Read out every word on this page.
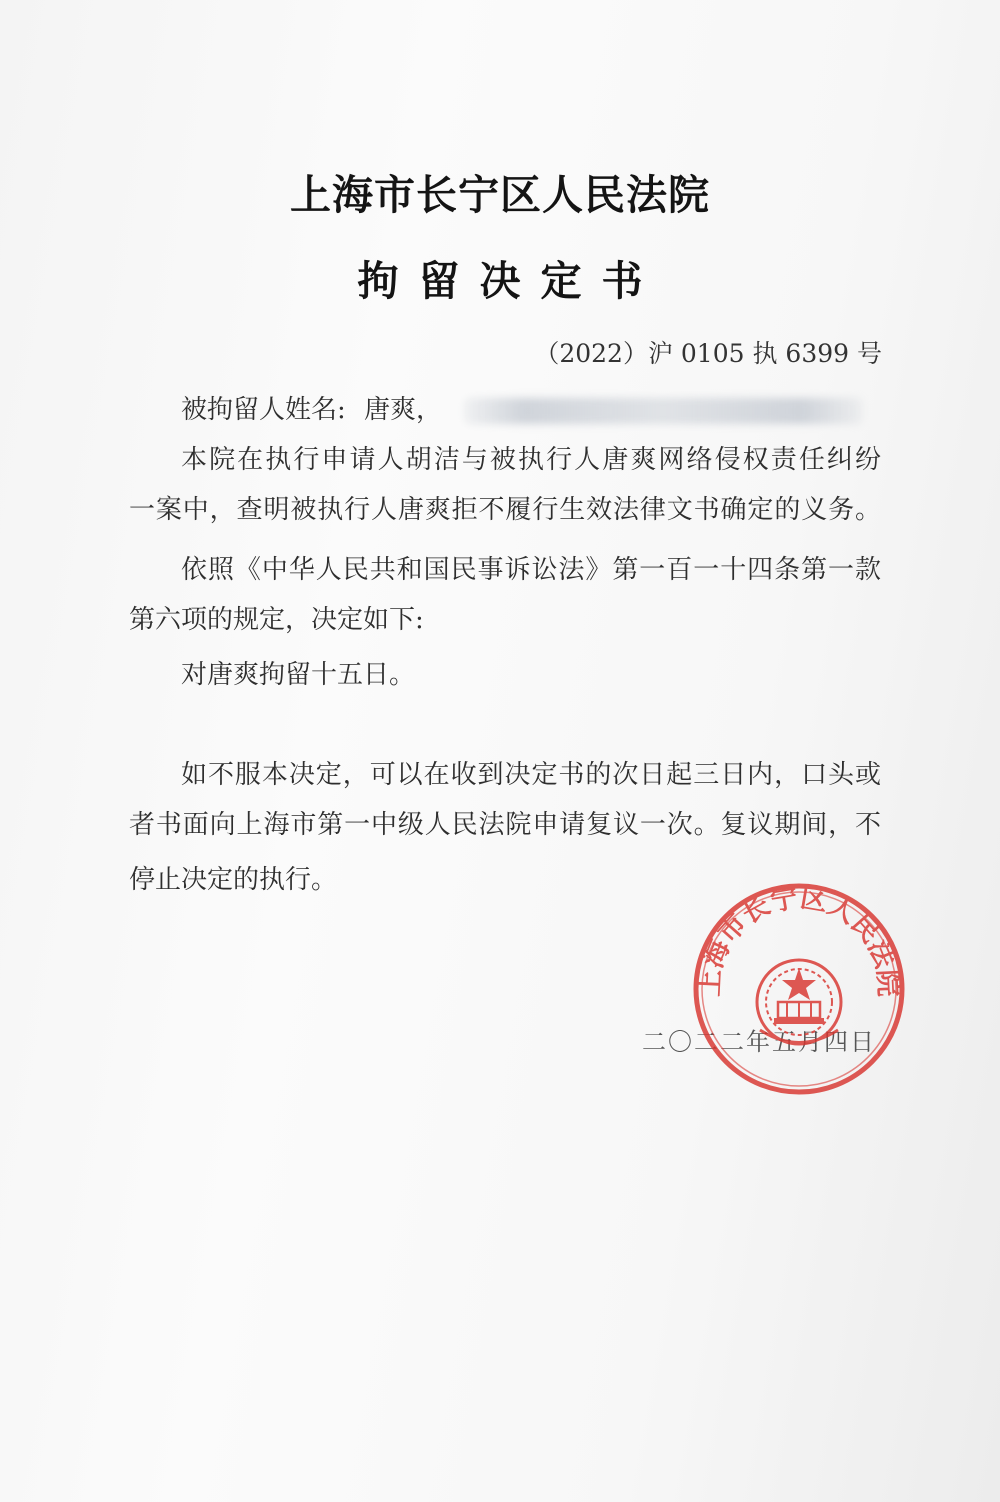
上海市长宁区人民法院
拘留决定书
（2022）沪 0105 执 6399 号
被拘留人姓名: 唐爽，
本院在执行申请人胡洁与被执行人唐爽网络侵权责任纠纷
一案中，查明被执行人唐爽拒不履行生效法律文书确定的义务。
依照《中华人民共和国民事诉讼法》第一百一十四条第一款
第六项的规定，决定如下:
对唐爽拘留十五日。
如不服本决定，可以在收到决定书的次日起三日内，口头或
者书面向上海市第一中级人民法院申请复议一次。复议期间，不
停止决定的执行。
二〇二二年五月四日
上海市长宁区人民法院
